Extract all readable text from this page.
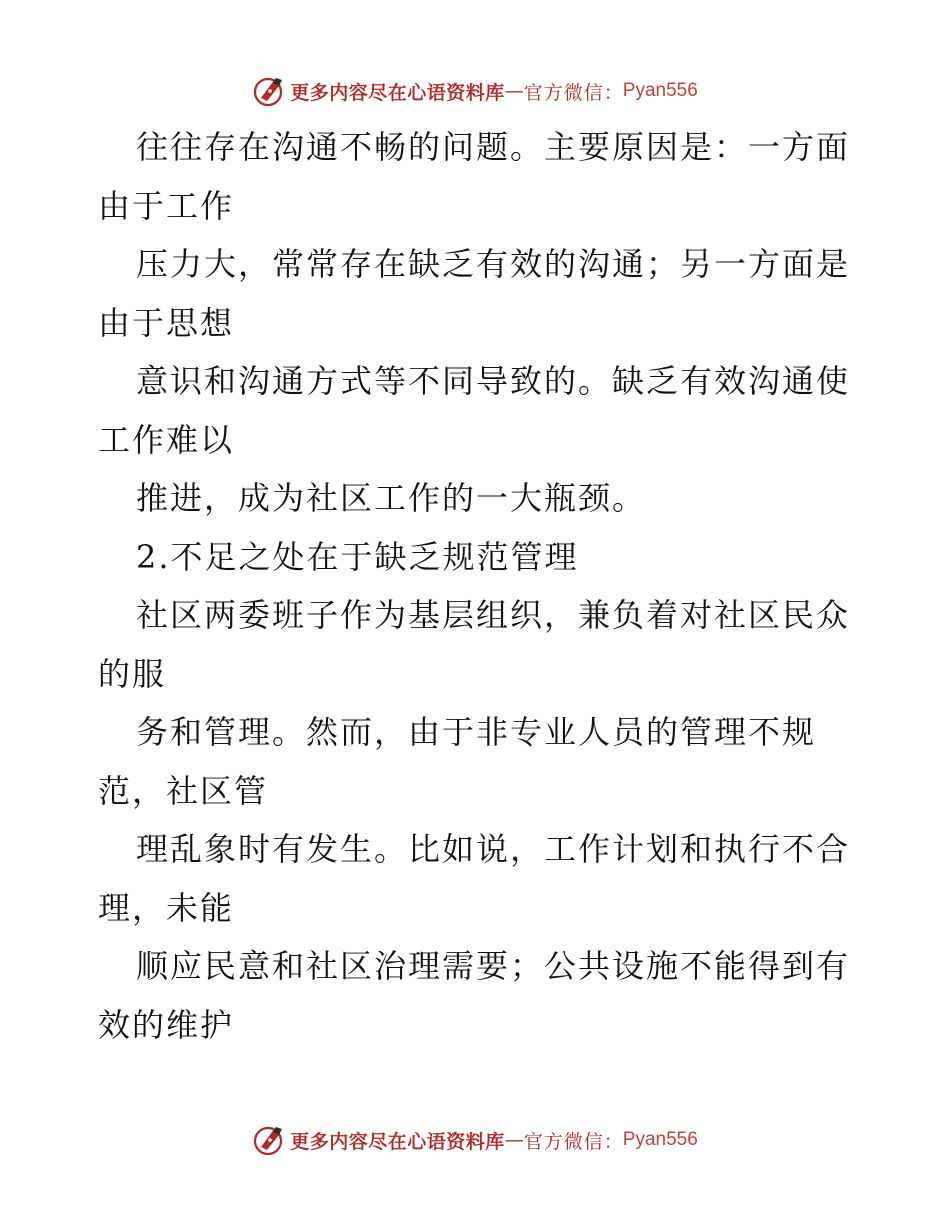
更多内容尽在心语资料库 — 官方微信 ： Pyan556
往往存在沟通不畅的问题。主要原因是：一方面
由于工作
压力大，常常存在缺乏有效的沟通；另一方面是
由于思想
意识和沟通方式等不同导致的。缺乏有效沟通使
工作难以
推进，成为社区工作的一大瓶颈。
2.不足之处在于缺乏规范管理
社区两委班子作为基层组织，兼负着对社区民众
的服
务和管理。然而，由于非专业人员的管理不规
范，社区管
理乱象时有发生。比如说，工作计划和执行不合
理，未能
顺应民意和社区治理需要；公共设施不能得到有
效的维护
更多内容尽在心语资料库 — 官方微信 ： Pyan556
